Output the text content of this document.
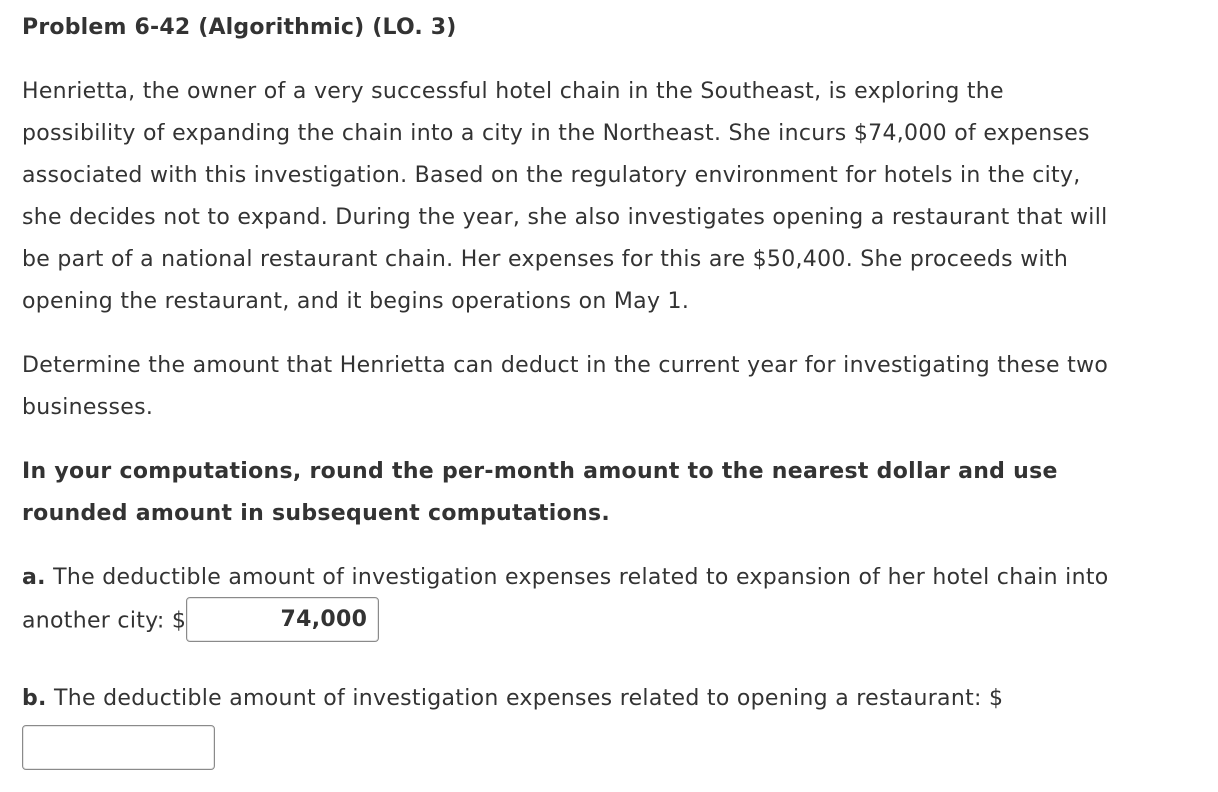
Problem 6-42 (Algorithmic) (LO. 3)

Henrietta, the owner of a very successful hotel chain in the Southeast, is exploring the
possibility of expanding the chain into a city in the Northeast. She incurs $74,000 of expenses
associated with this investigation. Based on the regulatory environment for hotels in the city,
she decides not to expand. During the year, she also investigates opening a restaurant that will
be part of a national restaurant chain. Her expenses for this are $50,400. She proceeds with
opening the restaurant, and it begins operations on May 1.

Determine the amount that Henrietta can deduct in the current year for investigating these two
businesses.

In your computations, round the per-month amount to the nearest dollar and use
rounded amount in subsequent computations.

a. The deductible amount of investigation expenses related to expansion of her hotel chain into
another city: $	74,000
b. The deductible amount of investigation expenses related to opening a restaurant: $
